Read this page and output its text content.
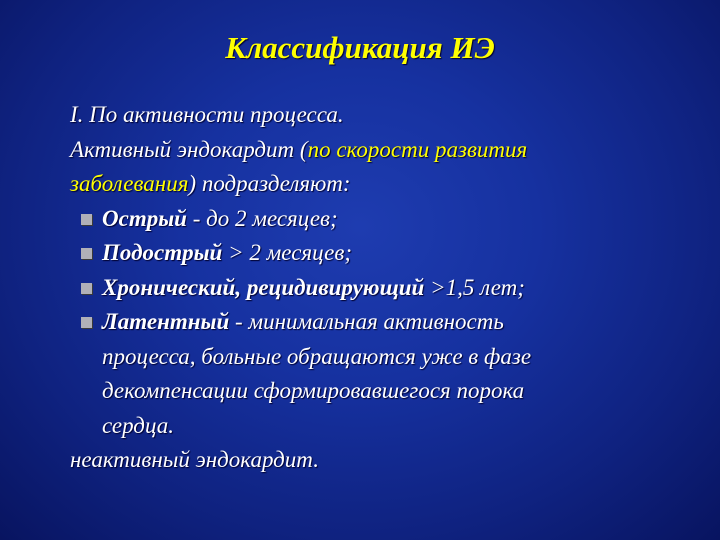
Классификация ИЭ
I. По активности процесса.
Активный эндокардит (по скорости развития
заболевания) подразделяют:
Острый - до 2 месяцев;
Подострый > 2 месяцев;
Хронический, рецидивирующий >1,5 лет;
Латентный - минимальная активность
процесса, больные обращаются уже в фазе
декомпенсации сформировавшегося порока
сердца.
неактивный эндокардит.
